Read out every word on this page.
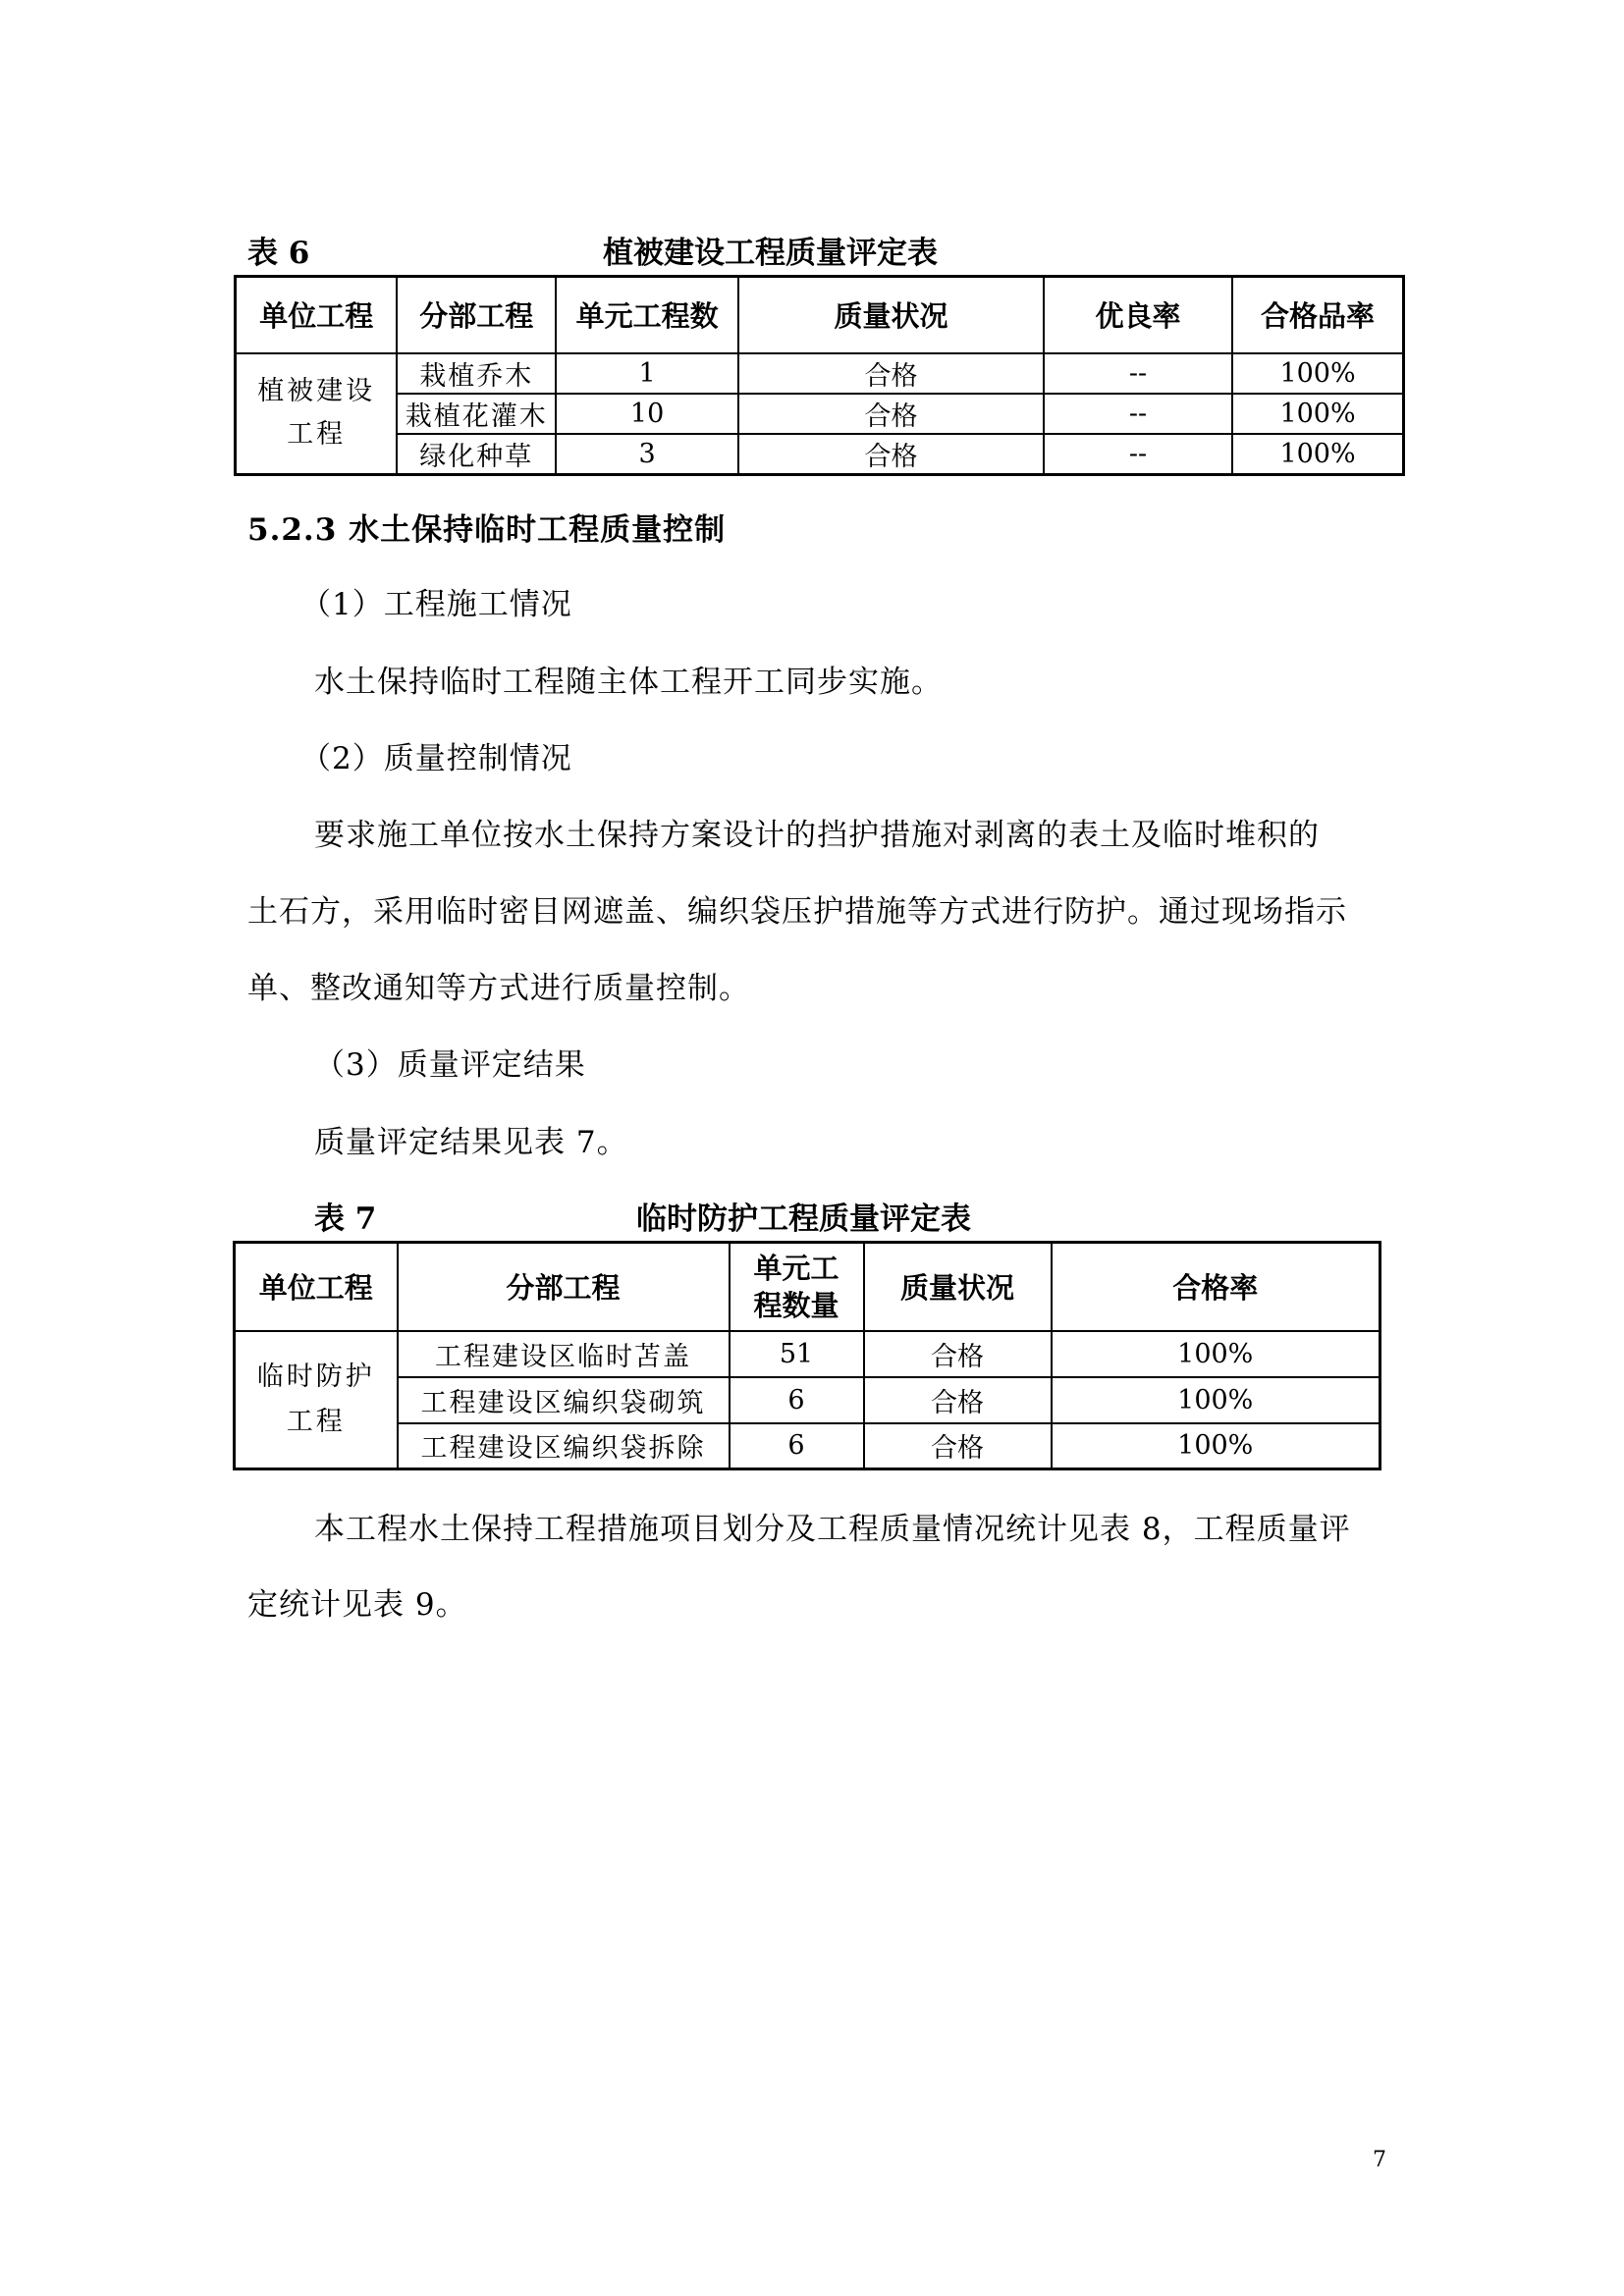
表 6	植被建设工程质量评定表
单位工程	分部工程	单元工程数	质量状况	优良率	合格品率
植被建设工程	栽植乔木	1	合格	--	100%
	栽植花灌木	10	合格	--	100%
	绿化种草	3	合格	--	100%
5.2.3 水土保持临时工程质量控制
（1）工程施工情况
水土保持临时工程随主体工程开工同步实施。
（2）质量控制情况
要求施工单位按水土保持方案设计的挡护措施对剥离的表土及临时堆积的
土石方，采用临时密目网遮盖、编织袋压护措施等方式进行防护。通过现场指示
单、整改通知等方式进行质量控制。
（3）质量评定结果
质量评定结果见表 7。
表 7	临时防护工程质量评定表
单位工程	分部工程	单元工程数量	质量状况	合格率
临时防护工程	工程建设区临时苫盖	51	合格	100%
	工程建设区编织袋砌筑	6	合格	100%
	工程建设区编织袋拆除	6	合格	100%
本工程水土保持工程措施项目划分及工程质量情况统计见表 8，工程质量评
定统计见表 9。
7
